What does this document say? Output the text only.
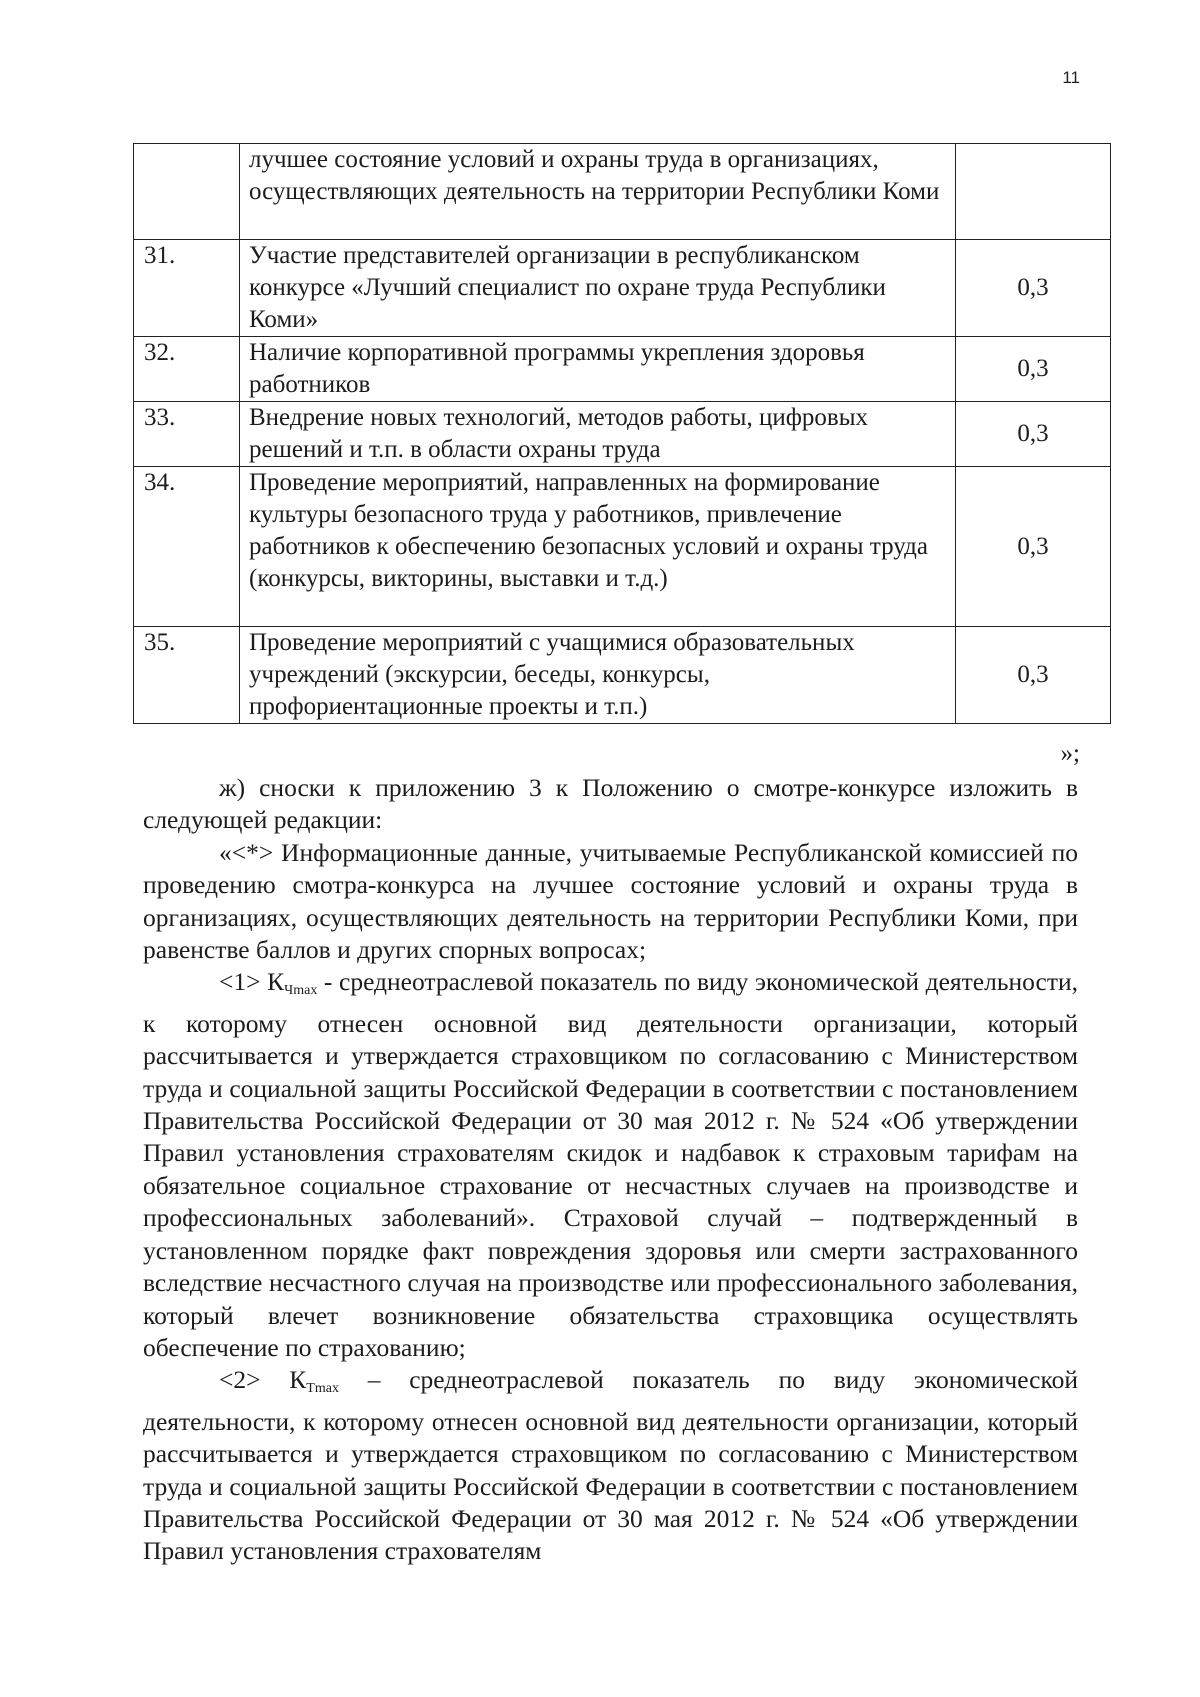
11
	лучшее состояние условий и охраны труда в организациях, осуществляющих деятельность на территории Республики Коми	
31.	Участие представителей организации в республиканском конкурсе «Лучший специалист по охране труда Республики Коми»	0,3
32.	Наличие корпоративной программы укрепления здоровья работников	0,3
33.	Внедрение новых технологий, методов работы, цифровых решений и т.п. в области охраны труда	0,3
34.	Проведение мероприятий, направленных на формирование культуры безопасного труда у работников, привлечение работников к обеспечению безопасных условий и охраны труда (конкурсы, викторины, выставки и т.д.)	0,3
35.	Проведение мероприятий с учащимися образовательных учреждений (экскурсии, беседы, конкурсы, профориентационные проекты и т.п.)	0,3
»;

ж) сноски к приложению 3 к Положению о смотре-конкурсе изложить в следующей редакции:

«<*> Информационные данные, учитываемые Республиканской комиссией по проведению смотра-конкурса на лучшее состояние условий и охраны труда в организациях, осуществляющих деятельность на территории Республики Коми, при равенстве баллов и других спорных вопросах;

$<1> К_{Чmax}$ - среднеотраслевой показатель по виду экономической деятельности, к которому отнесен основной вид деятельности организации, который рассчитывается и утверждается страховщиком по согласованию с Министерством труда и социальной защиты Российской Федерации в соответствии с постановлением Правительства Российской Федерации от 30 мая 2012 г. № 524 «Об утверждении Правил установления страхователям скидок и надбавок к страховым тарифам на обязательное социальное страхование от несчастных случаев на производстве и профессиональных заболеваний». Страховой случай – подтвержденный в установленном порядке факт повреждения здоровья или смерти застрахованного вследствие несчастного случая на производстве или профессионального заболевания, который влечет возникновение обязательства страховщика осуществлять обеспечение по страхованию;

$<2> К_{Тmax}$ – среднеотраслевой показатель по виду экономической деятельности, к которому отнесен основной вид деятельности организации, который рассчитывается и утверждается страховщиком по согласованию с Министерством труда и социальной защиты Российской Федерации в соответствии с постановлением Правительства Российской Федерации от 30 мая 2012 г. № 524 «Об утверждении Правил установления страхователям
